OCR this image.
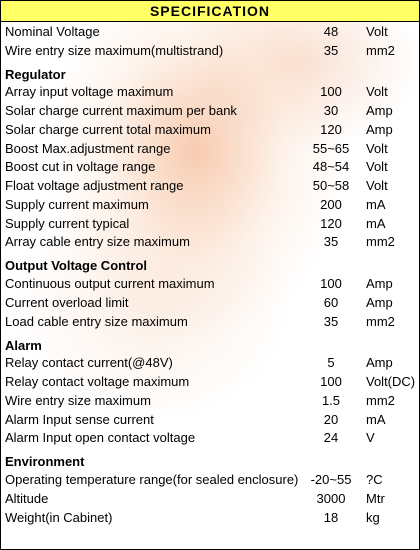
SPECIFICATION
Nominal Voltage	48	Volt
Wire entry size maximum(multistrand)	35	mm2
Regulator
Array input voltage maximum	100	Volt
Solar charge current maximum per bank	30	Amp
Solar charge current total maximum	120	Amp
Boost Max.adjustment range	55~65	Volt
Boost cut in voltage range	48~54	Volt
Float voltage adjustment range	50~58	Volt
Supply current maximum	200	mA
Supply current typical	120	mA
Array cable entry size maximum	35	mm2
Output Voltage Control
Continuous output current maximum	100	Amp
Current overload limit	60	Amp
Load cable entry size maximum	35	mm2
Alarm
Relay contact current(@48V)	5	Amp
Relay contact voltage maximum	100	Volt(DC)
Wire entry size maximum	1.5	mm2
Alarm Input sense current	20	mA
Alarm Input open contact voltage	24	V
Environment
Operating temperature range(for sealed enclosure) -20~55	?C
Altitude	3000	Mtr
Weight(in Cabinet)	18	kg
